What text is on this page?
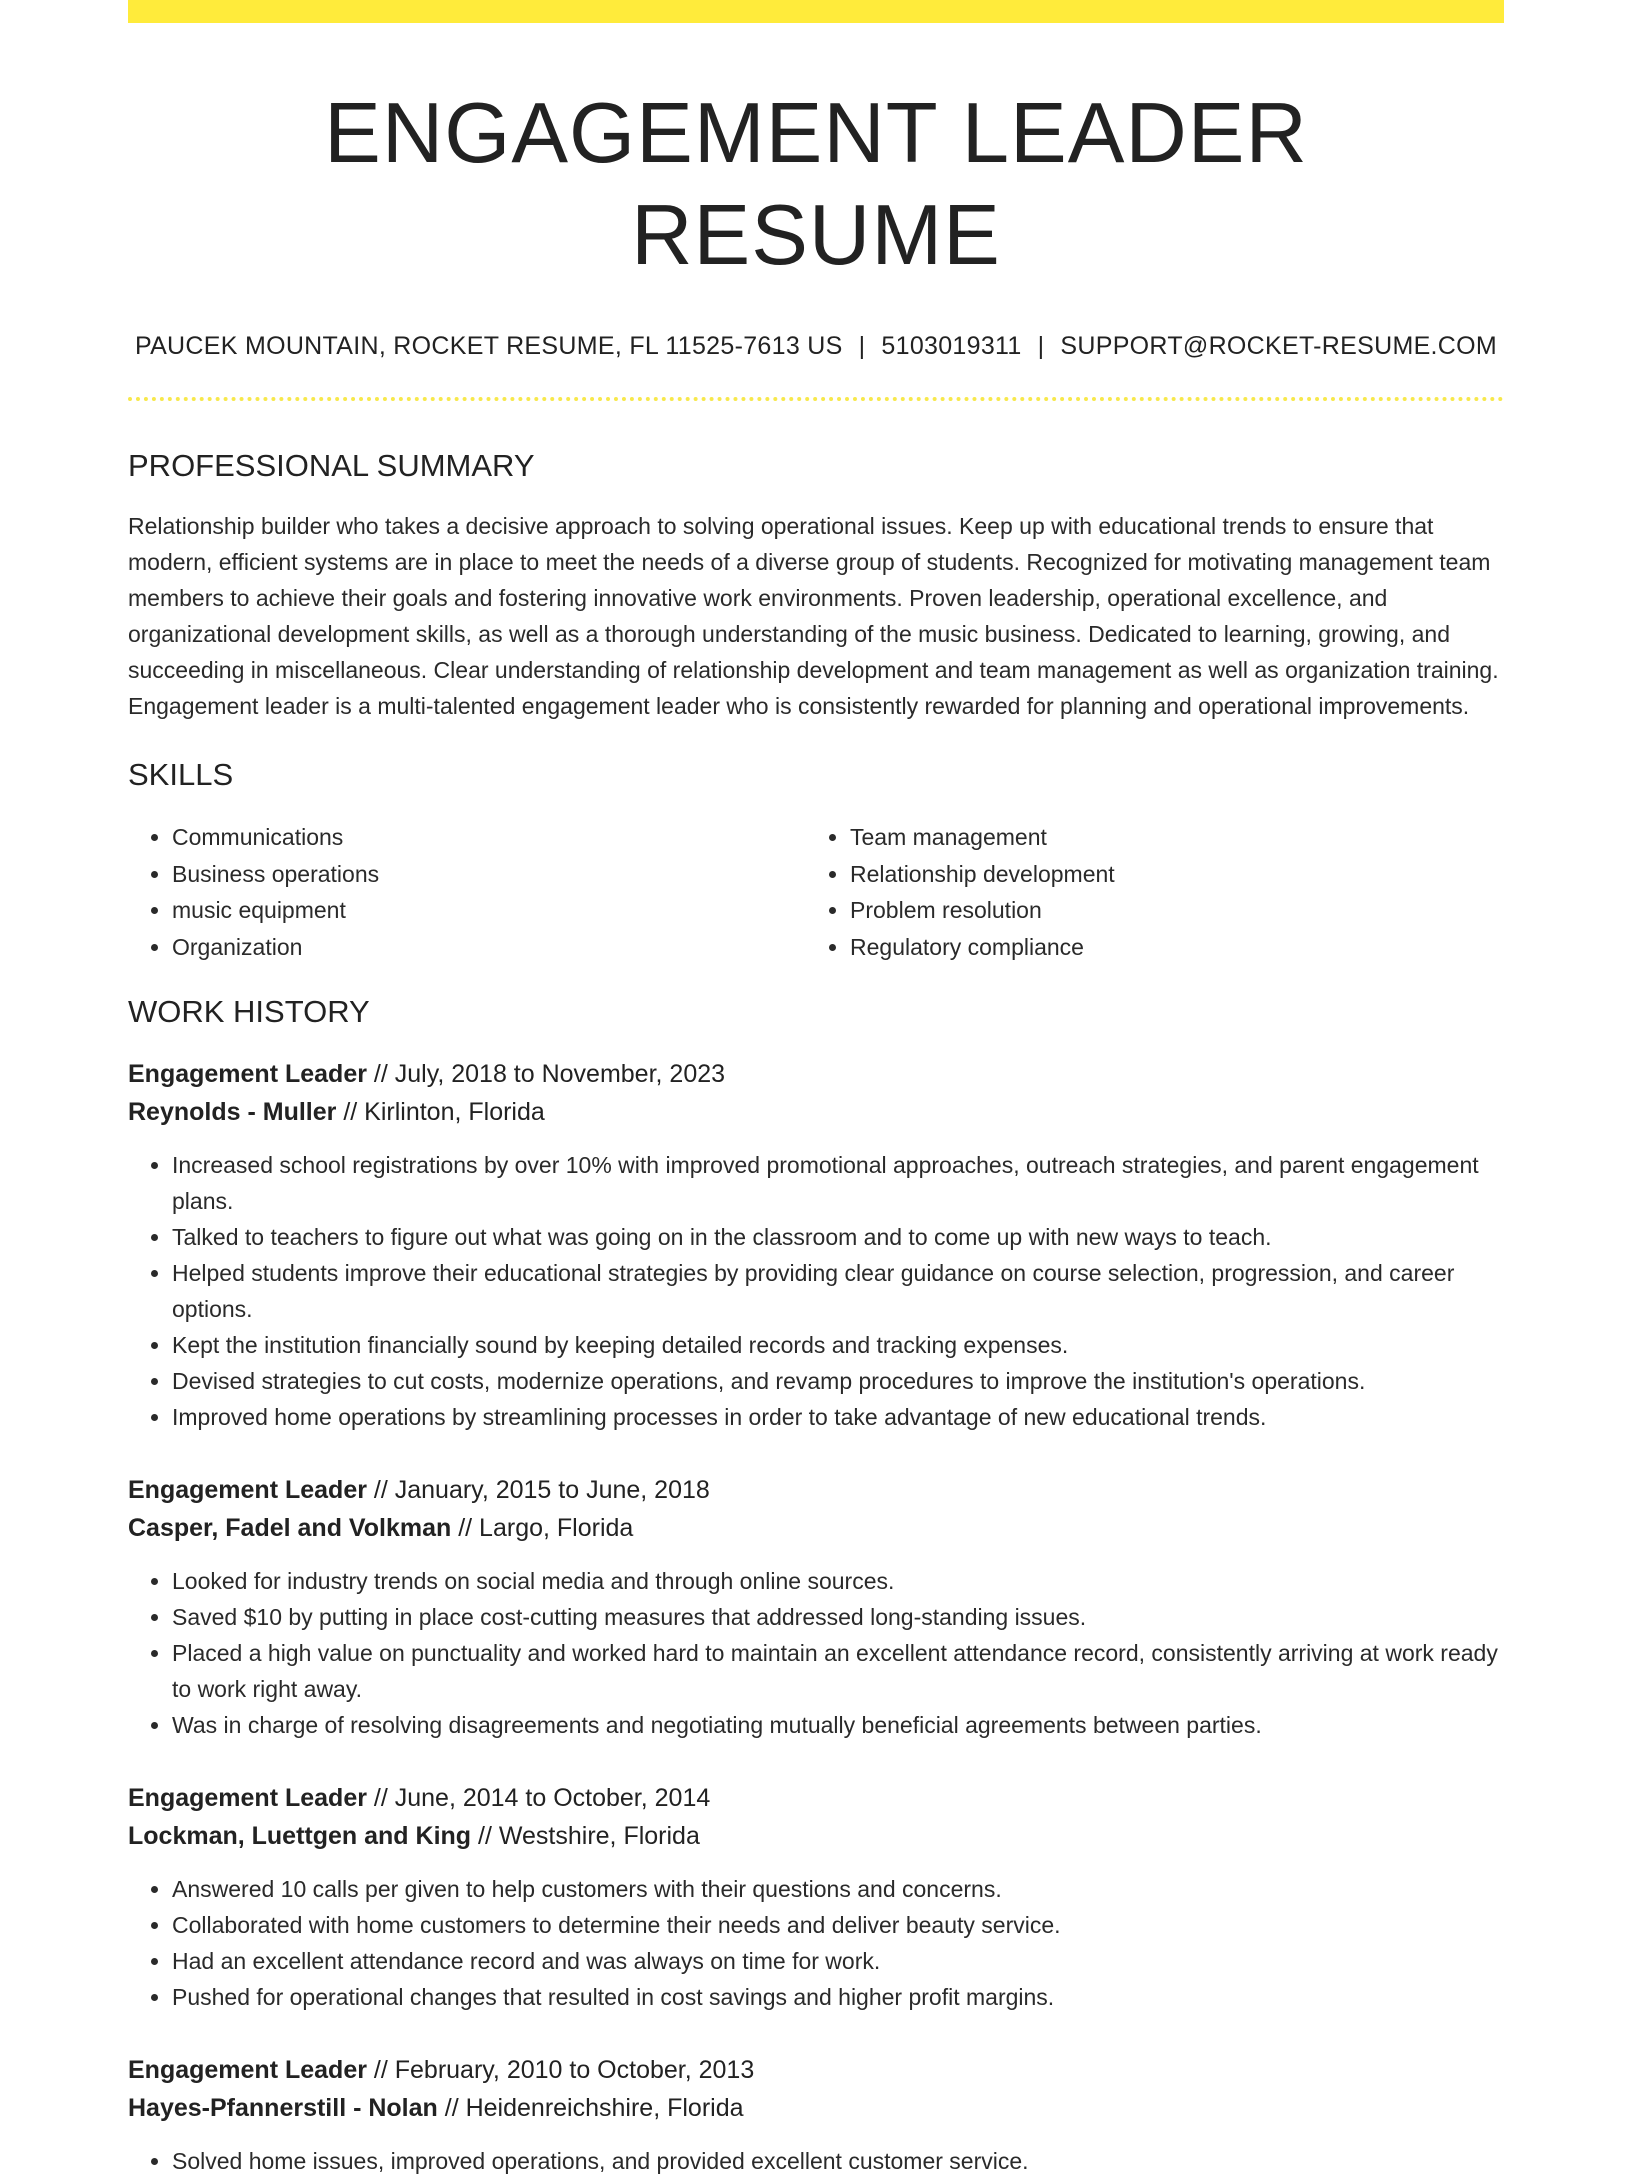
ENGAGEMENT LEADER RESUME
PAUCEK MOUNTAIN, ROCKET RESUME, FL 11525-7613 US | 5103019311 | SUPPORT@ROCKET-RESUME.COM
PROFESSIONAL SUMMARY

Relationship builder who takes a decisive approach to solving operational issues. Keep up with educational trends to ensure that modern, efficient systems are in place to meet the needs of a diverse group of students. Recognized for motivating management team members to achieve their goals and fostering innovative work environments. Proven leadership, operational excellence, and organizational development skills, as well as a thorough understanding of the music business. Dedicated to learning, growing, and succeeding in miscellaneous. Clear understanding of relationship development and team management as well as organization training. Engagement leader is a multi-talented engagement leader who is consistently rewarded for planning and operational improvements.

SKILLS
• Communications
• Business operations
• music equipment
• Organization
• Team management
• Relationship development
• Problem resolution
• Regulatory compliance
WORK HISTORY
Engagement Leader // July, 2018 to November, 2023
Reynolds - Muller // Kirlinton, Florida
• Increased school registrations by over 10% with improved promotional approaches, outreach strategies, and parent engagement plans.
• Talked to teachers to figure out what was going on in the classroom and to come up with new ways to teach.
• Helped students improve their educational strategies by providing clear guidance on course selection, progression, and career options.
• Kept the institution financially sound by keeping detailed records and tracking expenses.
• Devised strategies to cut costs, modernize operations, and revamp procedures to improve the institution's operations.
• Improved home operations by streamlining processes in order to take advantage of new educational trends.
Engagement Leader // January, 2015 to June, 2018
Casper, Fadel and Volkman // Largo, Florida
• Looked for industry trends on social media and through online sources.
• Saved $10 by putting in place cost-cutting measures that addressed long-standing issues.
• Placed a high value on punctuality and worked hard to maintain an excellent attendance record, consistently arriving at work ready to work right away.
• Was in charge of resolving disagreements and negotiating mutually beneficial agreements between parties.
Engagement Leader // June, 2014 to October, 2014
Lockman, Luettgen and King // Westshire, Florida
• Answered 10 calls per given to help customers with their questions and concerns.
• Collaborated with home customers to determine their needs and deliver beauty service.
• Had an excellent attendance record and was always on time for work.
• Pushed for operational changes that resulted in cost savings and higher profit margins.
Engagement Leader // February, 2010 to October, 2013
Hayes-Pfannerstill - Nolan // Heidenreichshire, Florida
• Solved home issues, improved operations, and provided excellent customer service.
